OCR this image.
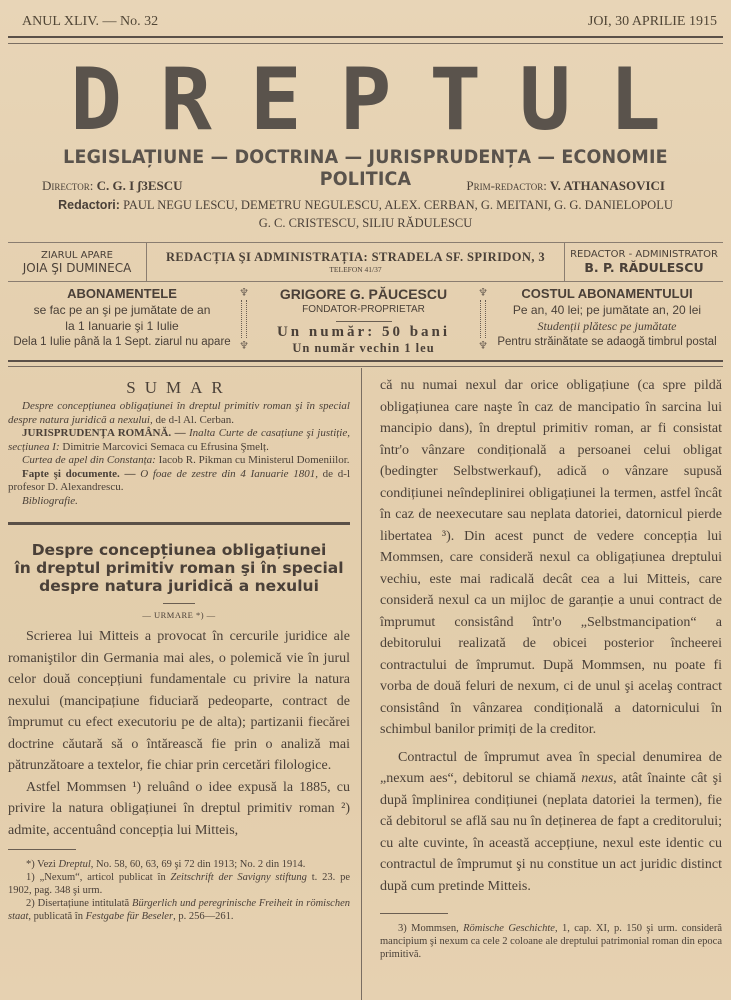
ANUL XLIV. — No. 32	JOI, 30 APRILIE 1915
DREPTUL
LEGISLAȚIUNE — DOCTRINA — JURISPRUDENȚA — ECONOMIE POLITICA
Director: C. G. I ʃ3ESCU	Prim-redactor: V. ATHANASOVICI
Redactori: PAUL NEGU LESCU, DEMETRU NEGULESCU, ALEX. CERBAN, G. MEITANI, G. G. DANIELOPOLU
G. C. CRISTESCU, SILIU RĂDULESCU
ZIARUL APARE
JOIA ŞI DUMINECA
REDACȚIA ŞI ADMINISTRAȚIA: STRADELA SF. SPIRIDON, 3
TELEFON 41/37
REDACTOR - ADMINISTRATOR
B. P. RĂDULESCU
ABONAMENTELE
se fac pe an şi pe jumătate de an
la 1 Ianuarie şi 1 Iulie
Dela 1 Iulie până la 1 Sept. ziarul nu apare
♆
♆
GRIGORE G. PĂUCESCU
FONDATOR-PROPRIETAR
Un număr: 50 bani
Un număr vechin 1 leu
♆
♆
COSTUL ABONAMENTULUI
Pe an, 40 lei; pe jumătate an, 20 lei
Studenții plătesc pe jumătate
Pentru străinătate se adaogă timbrul postal
SUMAR

Despre concepțiunea obligațiunei în dreptul primitiv roman şi în special despre natura juridică a nexului, de d-l Al. Cerban.

JURISPRUDENȚA ROMÂNĂ. — Inalta Curte de casațiune şi justiție, secțiunea I: Dimitrie Marcovici Semaca cu Efrusina Şmelț.

Curtea de apel din Constanța: Iacob R. Pikman cu Ministerul Domeniilor.

Fapte şi documente. — O foae de zestre din 4 Ianuarie 1801, de d-l profesor D. Alexandrescu.

Bibliografie.

Despre concepțiunea obligațiunei
în dreptul primitiv roman şi în special
despre natura juridică a nexului
— URMARE *) —

Scrierea lui Mitteis a provocat în cercurile juridice ale romaniştilor din Germania mai ales, o polemică vie în jurul celor două concepțiuni fundamentale cu privire la natura nexului (mancipațiune fiduciară pedeoparte, contract de împrumut cu efect executoriu pe de alta); partizanii fiecărei doctrine căutară să o întărească fie prin o analiză mai pătrunzătoare a textelor, fie chiar prin cercetări filologice.

Astfel Mommsen ¹) reluând o idee expusă la 1885, cu privire la natura obligațiunei în dreptul primitiv roman ²) admite, accentuând concepția lui Mitteis,

*) Vezi Dreptul, No. 58, 60, 63, 69 şi 72 din 1913; No. 2 din 1914.

1) „Nexum“, articol publicat în Zeitschrift der Savigny stiftung t. 23. pe 1902, pag. 348 şi urm.

2) Disertațiune intitulată Bürgerlich und peregrinische Freiheit in römischen staat, publicată în Festgabe für Beseler, p. 256—261.

că nu numai nexul dar orice obligațiune (ca spre pildă obligațiunea care naşte în caz de mancipatio în sarcina lui mancipio dans), în dreptul primitiv roman, ar fi consistat într'o vânzare condițională a persoanei celui obligat (bedingter Selbstwerkauf), adică o vânzare supusă condițiunei neîndeplinirei obligațiunei la termen, astfel încât în caz de neexecutare sau neplata datoriei, datornicul pierde libertatea ³). Din acest punct de vedere concepția lui Mommsen, care consideră nexul ca obligațiunea dreptului vechiu, este mai radicală decât cea a lui Mitteis, care consideră nexul ca un mijloc de garanție a unui contract de împrumut consistând într'o „Selbstmancipation“ a debitorului realizată de obicei posterior încheerei contractului de împrumut. După Mommsen, nu poate fi vorba de două feluri de nexum, ci de unul şi acelaş contract consistând în vânzarea condițională a datornicului în schimbul banilor primiți de la creditor.

Contractul de împrumut avea în special denumirea de „nexum aes“, debitorul se chiamă nexus, atât înainte cât şi după împlinirea condițiunei (neplata datoriei la termen), fie că debitorul se află sau nu în deținerea de fapt a creditorului; cu alte cuvinte, în această accepțiune, nexul este identic cu contractul de împrumut şi nu constitue un act juridic distinct după cum pretinde Mitteis.

3) Mommsen, Römische Geschichte, 1, cap. XI, p. 150 şi urm. consideră mancipium şi nexum ca cele 2 coloane ale dreptului patrimonial roman din epoca primitivă.
